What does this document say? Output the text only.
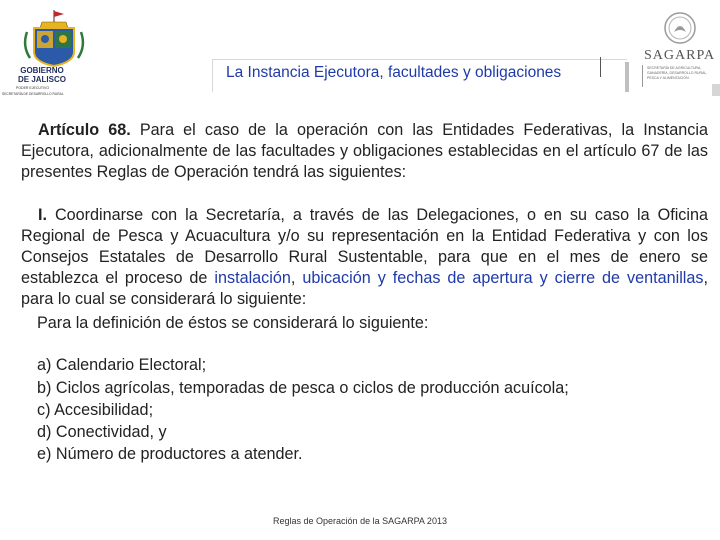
GOBIERNO
DE JALISCO
PODER EJECUTIVO
SECRETARÍA DE DESARROLLO RURAL
SAGARPA
SECRETARÍA DE AGRICULTURA, GANADERÍA, DESARROLLO RURAL, PESCA Y ALIMENTACIÓN
La Instancia Ejecutora, facultades y obligaciones
Artículo 68. Para el caso de la operación con las Entidades Federativas, la Instancia Ejecutora, adicionalmente de las facultades y obligaciones establecidas en el artículo 67 de las presentes Reglas de Operación tendrá las siguientes:
I. Coordinarse con la Secretaría, a través de las Delegaciones, o en su caso la Oficina Regional de Pesca y Acuacultura y/o su representación en la Entidad Federativa y con los Consejos Estatales de Desarrollo Rural Sustentable, para que en el mes de enero se establezca el proceso de instalación, ubicación y fechas de apertura y cierre de ventanillas, para lo cual se considerará lo siguiente:
Para la definición de éstos se considerará lo siguiente:
a) Calendario Electoral;
b) Ciclos agrícolas, temporadas de pesca o ciclos de producción acuícola;
c) Accesibilidad;
d) Conectividad, y
e) Número de productores a atender.
Reglas de Operación de la SAGARPA 2013
